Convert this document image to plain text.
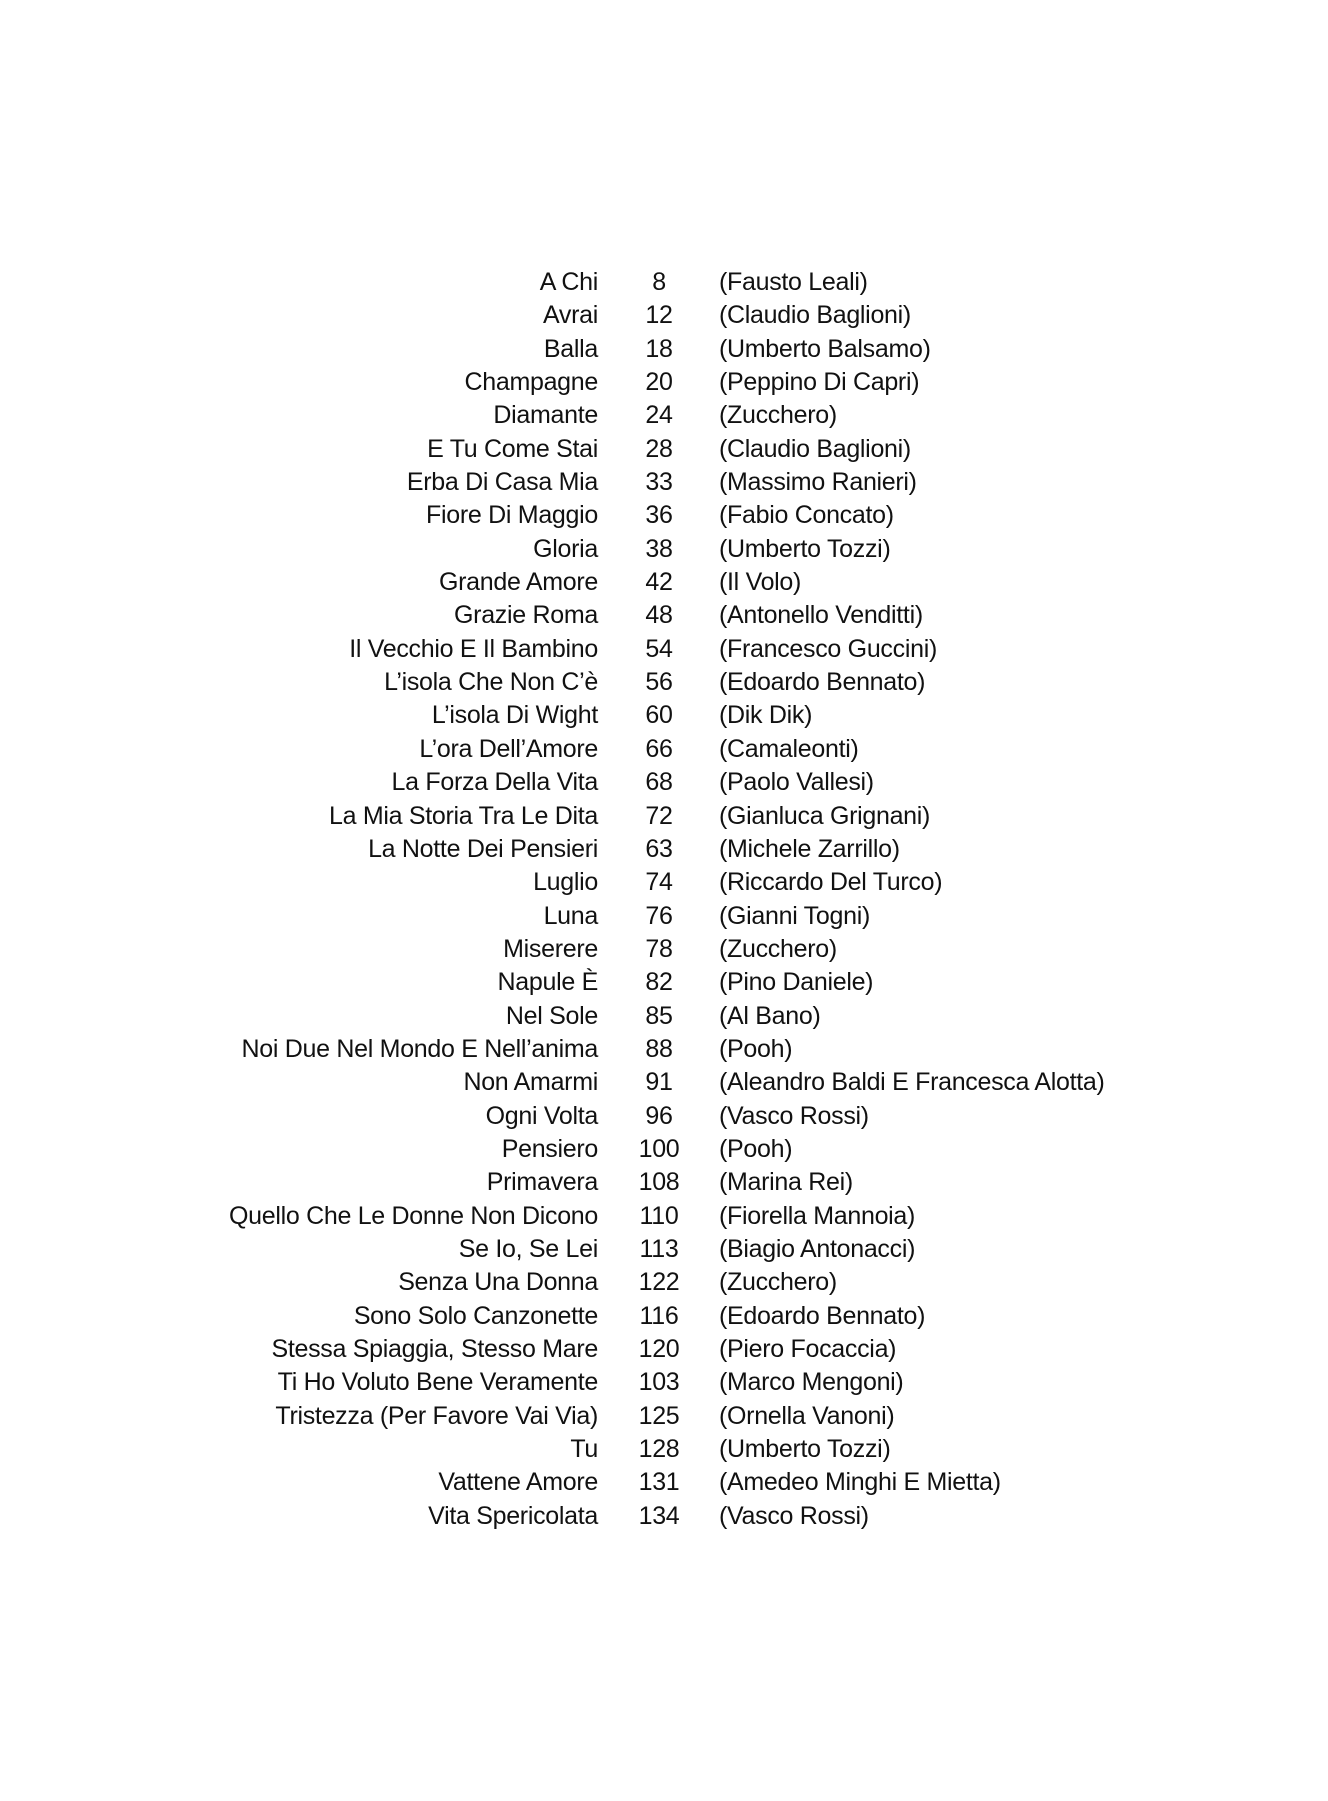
A Chi	8	(Fausto Leali)
Avrai	12	(Claudio Baglioni)
Balla	18	(Umberto Balsamo)
Champagne	20	(Peppino Di Capri)
Diamante	24	(Zucchero)
E Tu Come Stai	28	(Claudio Baglioni)
Erba Di Casa Mia	33	(Massimo Ranieri)
Fiore Di Maggio	36	(Fabio Concato)
Gloria	38	(Umberto Tozzi)
Grande Amore	42	(Il Volo)
Grazie Roma	48	(Antonello Venditti)
Il Vecchio E Il Bambino	54	(Francesco Guccini)
L’isola Che Non C’è	56	(Edoardo Bennato)
L’isola Di Wight	60	(Dik Dik)
L’ora Dell’Amore	66	(Camaleonti)
La Forza Della Vita	68	(Paolo Vallesi)
La Mia Storia Tra Le Dita	72	(Gianluca Grignani)
La Notte Dei Pensieri	63	(Michele Zarrillo)
Luglio	74	(Riccardo Del Turco)
Luna	76	(Gianni Togni)
Miserere	78	(Zucchero)
Napule È	82	(Pino Daniele)
Nel Sole	85	(Al Bano)
Noi Due Nel Mondo E Nell’anima	88	(Pooh)
Non Amarmi	91	(Aleandro Baldi E Francesca Alotta)
Ogni Volta	96	(Vasco Rossi)
Pensiero	100	(Pooh)
Primavera	108	(Marina Rei)
Quello Che Le Donne Non Dicono	110	(Fiorella Mannoia)
Se Io, Se Lei	113	(Biagio Antonacci)
Senza Una Donna	122	(Zucchero)
Sono Solo Canzonette	116	(Edoardo Bennato)
Stessa Spiaggia, Stesso Mare	120	(Piero Focaccia)
Ti Ho Voluto Bene Veramente	103	(Marco Mengoni)
Tristezza (Per Favore Vai Via)	125	(Ornella Vanoni)
Tu	128	(Umberto Tozzi)
Vattene Amore	131	(Amedeo Minghi E Mietta)
Vita Spericolata	134	(Vasco Rossi)
